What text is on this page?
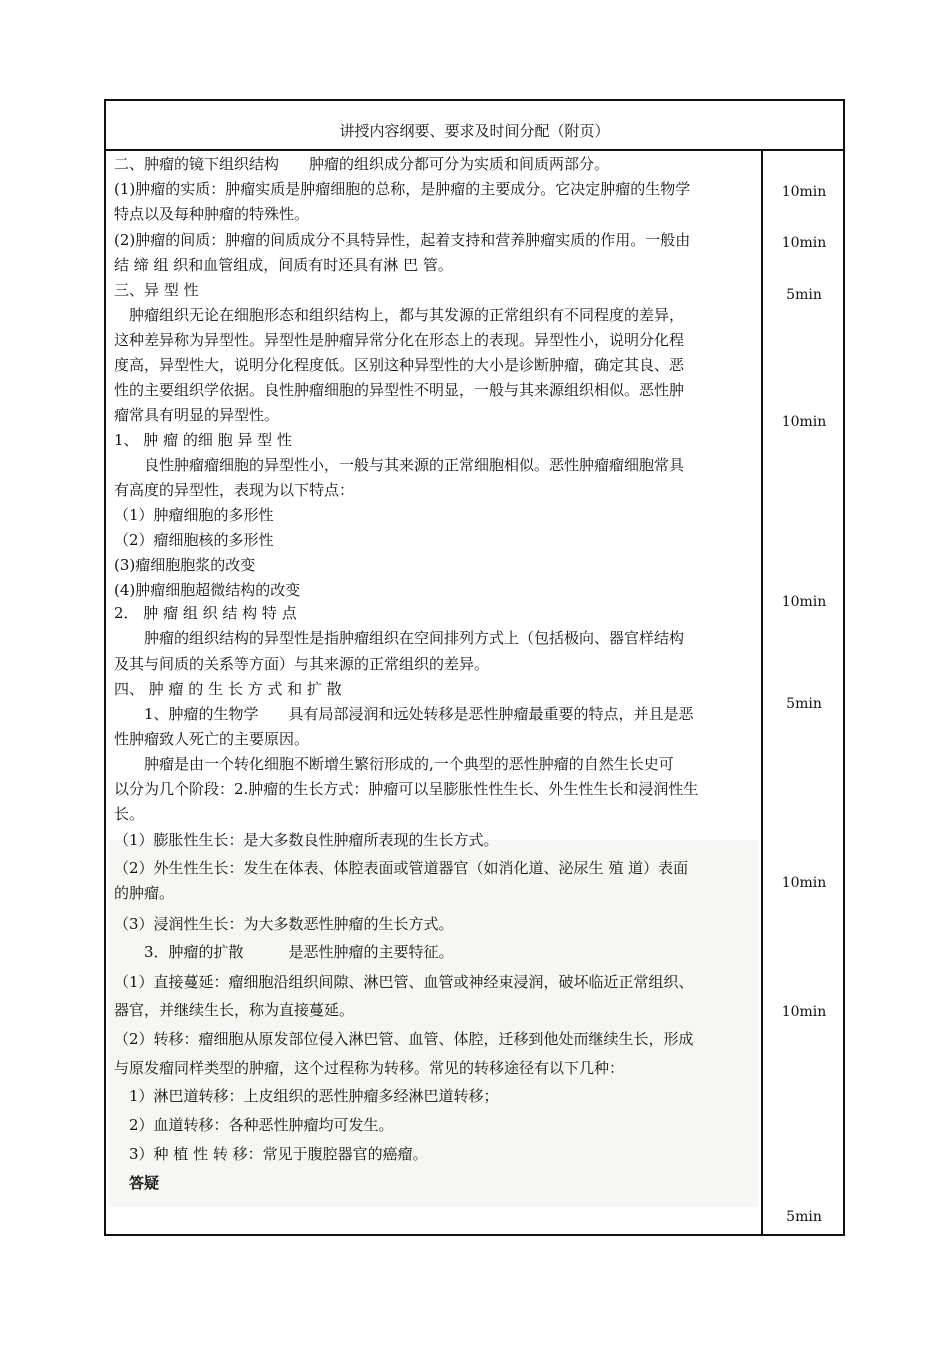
讲授内容纲要、要求及时间分配（附页）
二、肿瘤的镜下组织结构　　肿瘤的组织成分都可分为实质和间质两部分。
(1)肿瘤的实质：肿瘤实质是肿瘤细胞的总称，是肿瘤的主要成分。它决定肿瘤的生物学
特点以及每种肿瘤的特殊性。
(2)肿瘤的间质：肿瘤的间质成分不具特异性，起着支持和营养肿瘤实质的作用。一般由
结 缔 组 织和血管组成，间质有时还具有淋 巴 管。
三、异 型 性
　肿瘤组织无论在细胞形态和组织结构上，都与其发源的正常组织有不同程度的差异，
这种差异称为异型性。异型性是肿瘤异常分化在形态上的表现。异型性小，说明分化程
度高，异型性大，说明分化程度低。区别这种异型性的大小是诊断肿瘤，确定其良、恶
性的主要组织学依据。良性肿瘤细胞的异型性不明显，一般与其来源组织相似。恶性肿
瘤常具有明显的异型性。
1、 肿 瘤 的细 胞 异 型 性
　　良性肿瘤瘤细胞的异型性小，一般与其来源的正常细胞相似。恶性肿瘤瘤细胞常具
有高度的异型性，表现为以下特点：
（1）肿瘤细胞的多形性
（2）瘤细胞核的多形性
(3)瘤细胞胞浆的改变
(4)肿瘤细胞超微结构的改变
2． 肿 瘤 组 织 结 构 特 点
　　肿瘤的组织结构的异型性是指肿瘤组织在空间排列方式上（包括极向、器官样结构
及其与间质的关系等方面）与其来源的正常组织的差异。
四、 肿 瘤 的 生 长 方 式 和 扩 散
　　1、肿瘤的生物学　　具有局部浸润和远处转移是恶性肿瘤最重要的特点，并且是恶
性肿瘤致人死亡的主要原因。
　　肿瘤是由一个转化细胞不断增生繁衍形成的,一个典型的恶性肿瘤的自然生长史可
以分为几个阶段：2.肿瘤的生长方式：肿瘤可以呈膨胀性性生长、外生性生长和浸润性生
长。
（1）膨胀性生长：是大多数良性肿瘤所表现的生长方式。
（2）外生性生长：发生在体表、体腔表面或管道器官（如消化道、泌尿生 殖 道）表面
的肿瘤。
（3）浸润性生长：为大多数恶性肿瘤的生长方式。
　　3．肿瘤的扩散　　　是恶性肿瘤的主要特征。
（1）直接蔓延：瘤细胞沿组织间隙、淋巴管、血管或神经束浸润，破坏临近正常组织、
器官，并继续生长，称为直接蔓延。
（2）转移：瘤细胞从原发部位侵入淋巴管、血管、体腔，迁移到他处而继续生长，形成
与原发瘤同样类型的肿瘤，这个过程称为转移。常见的转移途径有以下几种：
　1）淋巴道转移：上皮组织的恶性肿瘤多经淋巴道转移；
　2）血道转移：各种恶性肿瘤均可发生。
　3）种 植 性 转 移：常见于腹腔器官的癌瘤。
　答疑
10min
10min
5min
10min
10min
5min
10min
10min
5min
